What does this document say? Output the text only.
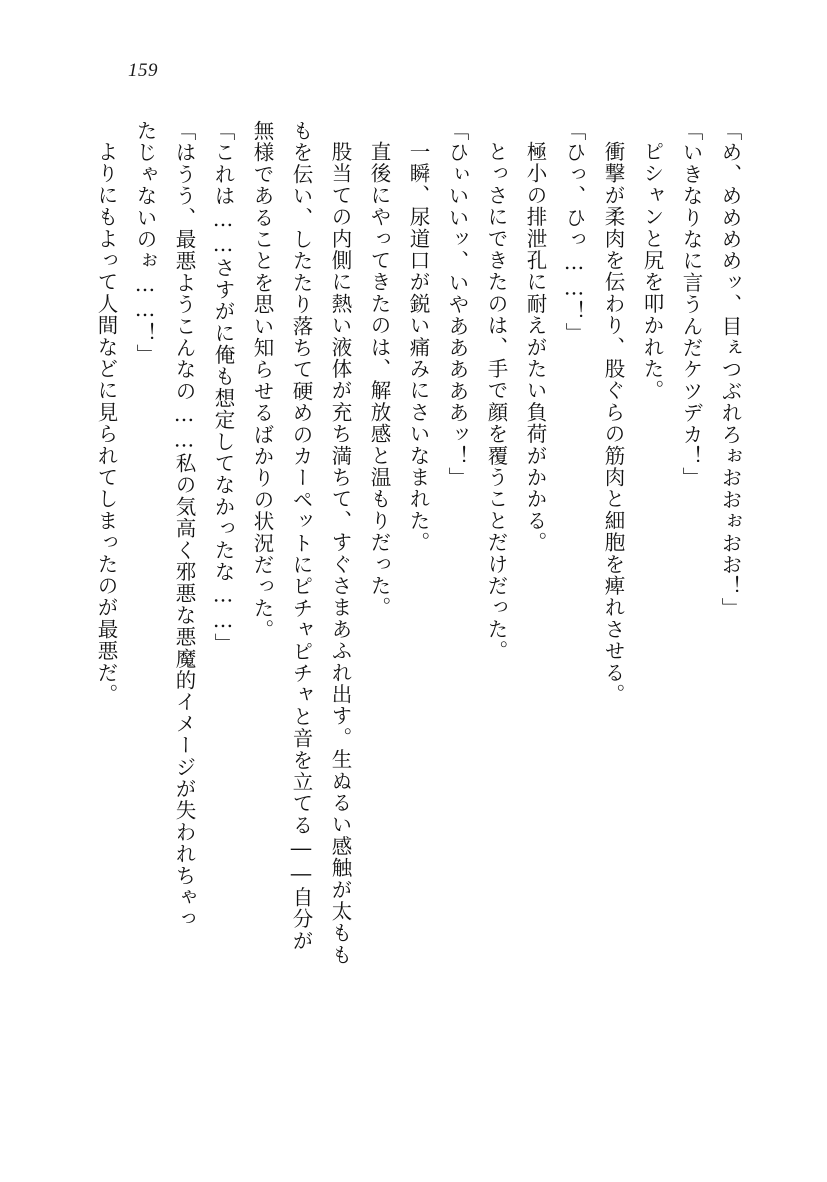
159
「め、めめめめッ、目ぇつぶれろぉおおぉおお！」
「いきなりなに言うんだケツデカ！」
ピシャンと尻を叩かれた。
衝撃が柔肉を伝わり、股ぐらの筋肉と細胞を痺れさせる。
「ひっ、ひっ……！」
極小の排泄孔に耐えがたい負荷がかかる。
とっさにできたのは、手で顔を覆うことだけだった。
「ひぃいいッ、いやあああああッ！」
一瞬、尿道口が鋭い痛みにさいなまれた。
直後にやってきたのは、解放感と温もりだった。
股当ての内側に熱い液体が充ち満ちて、すぐさまあふれ出す。生ぬるい感触が太もも
もを伝い、したたり落ちて硬めのカーペットにピチャピチャと音を立てる――自分が
無様であることを思い知らせるばかりの状況だった。
「これは……さすがに俺も想定してなかったな……」
「はうう、最悪ようこんなの……私の気高く邪悪な悪魔的イメージが失われちゃっ
たじゃないのぉ……！」
よりにもよって人間などに見られてしまったのが最悪だ。
